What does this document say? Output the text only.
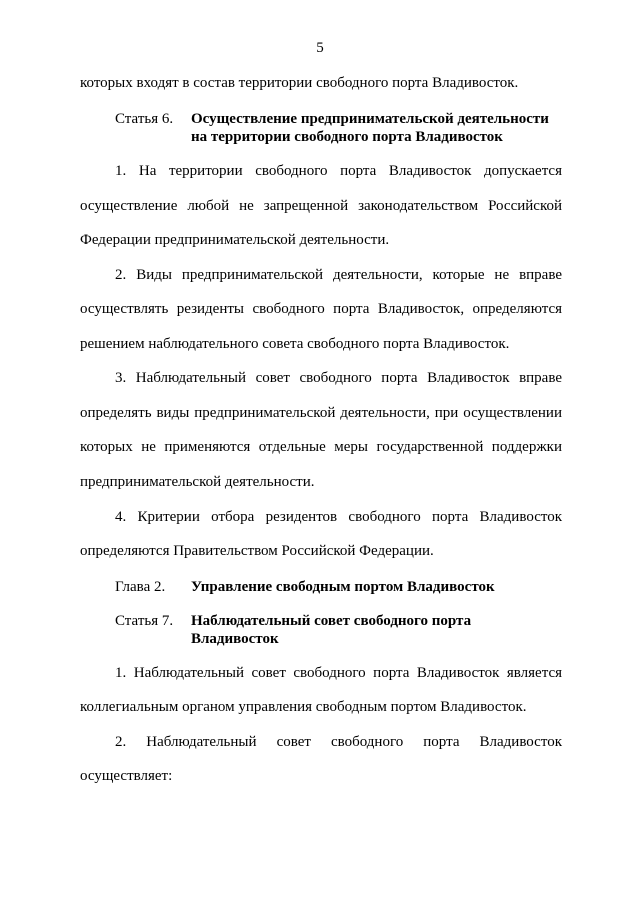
5
которых входят в состав территории свободного порта Владивосток.
Статья 6. Осуществление предпринимательской деятельности
на территории свободного порта Владивосток
1. На территории свободного порта Владивосток допускается
осуществление любой не запрещенной законодательством Российской
Федерации предпринимательской деятельности.
2. Виды предпринимательской деятельности, которые не вправе
осуществлять резиденты свободного порта Владивосток, определяются
решением наблюдательного совета свободного порта Владивосток.
3. Наблюдательный совет свободного порта Владивосток вправе
определять виды предпринимательской деятельности, при осуществлении
которых не применяются отдельные меры государственной поддержки
предпринимательской деятельности.
4. Критерии отбора резидентов свободного порта Владивосток
определяются Правительством Российской Федерации.
Глава 2. Управление свободным портом Владивосток
Статья 7. Наблюдательный совет свободного порта
Владивосток
1. Наблюдательный совет свободного порта Владивосток является
коллегиальным органом управления свободным портом Владивосток.
2. Наблюдательный совет свободного порта Владивосток
осуществляет:
